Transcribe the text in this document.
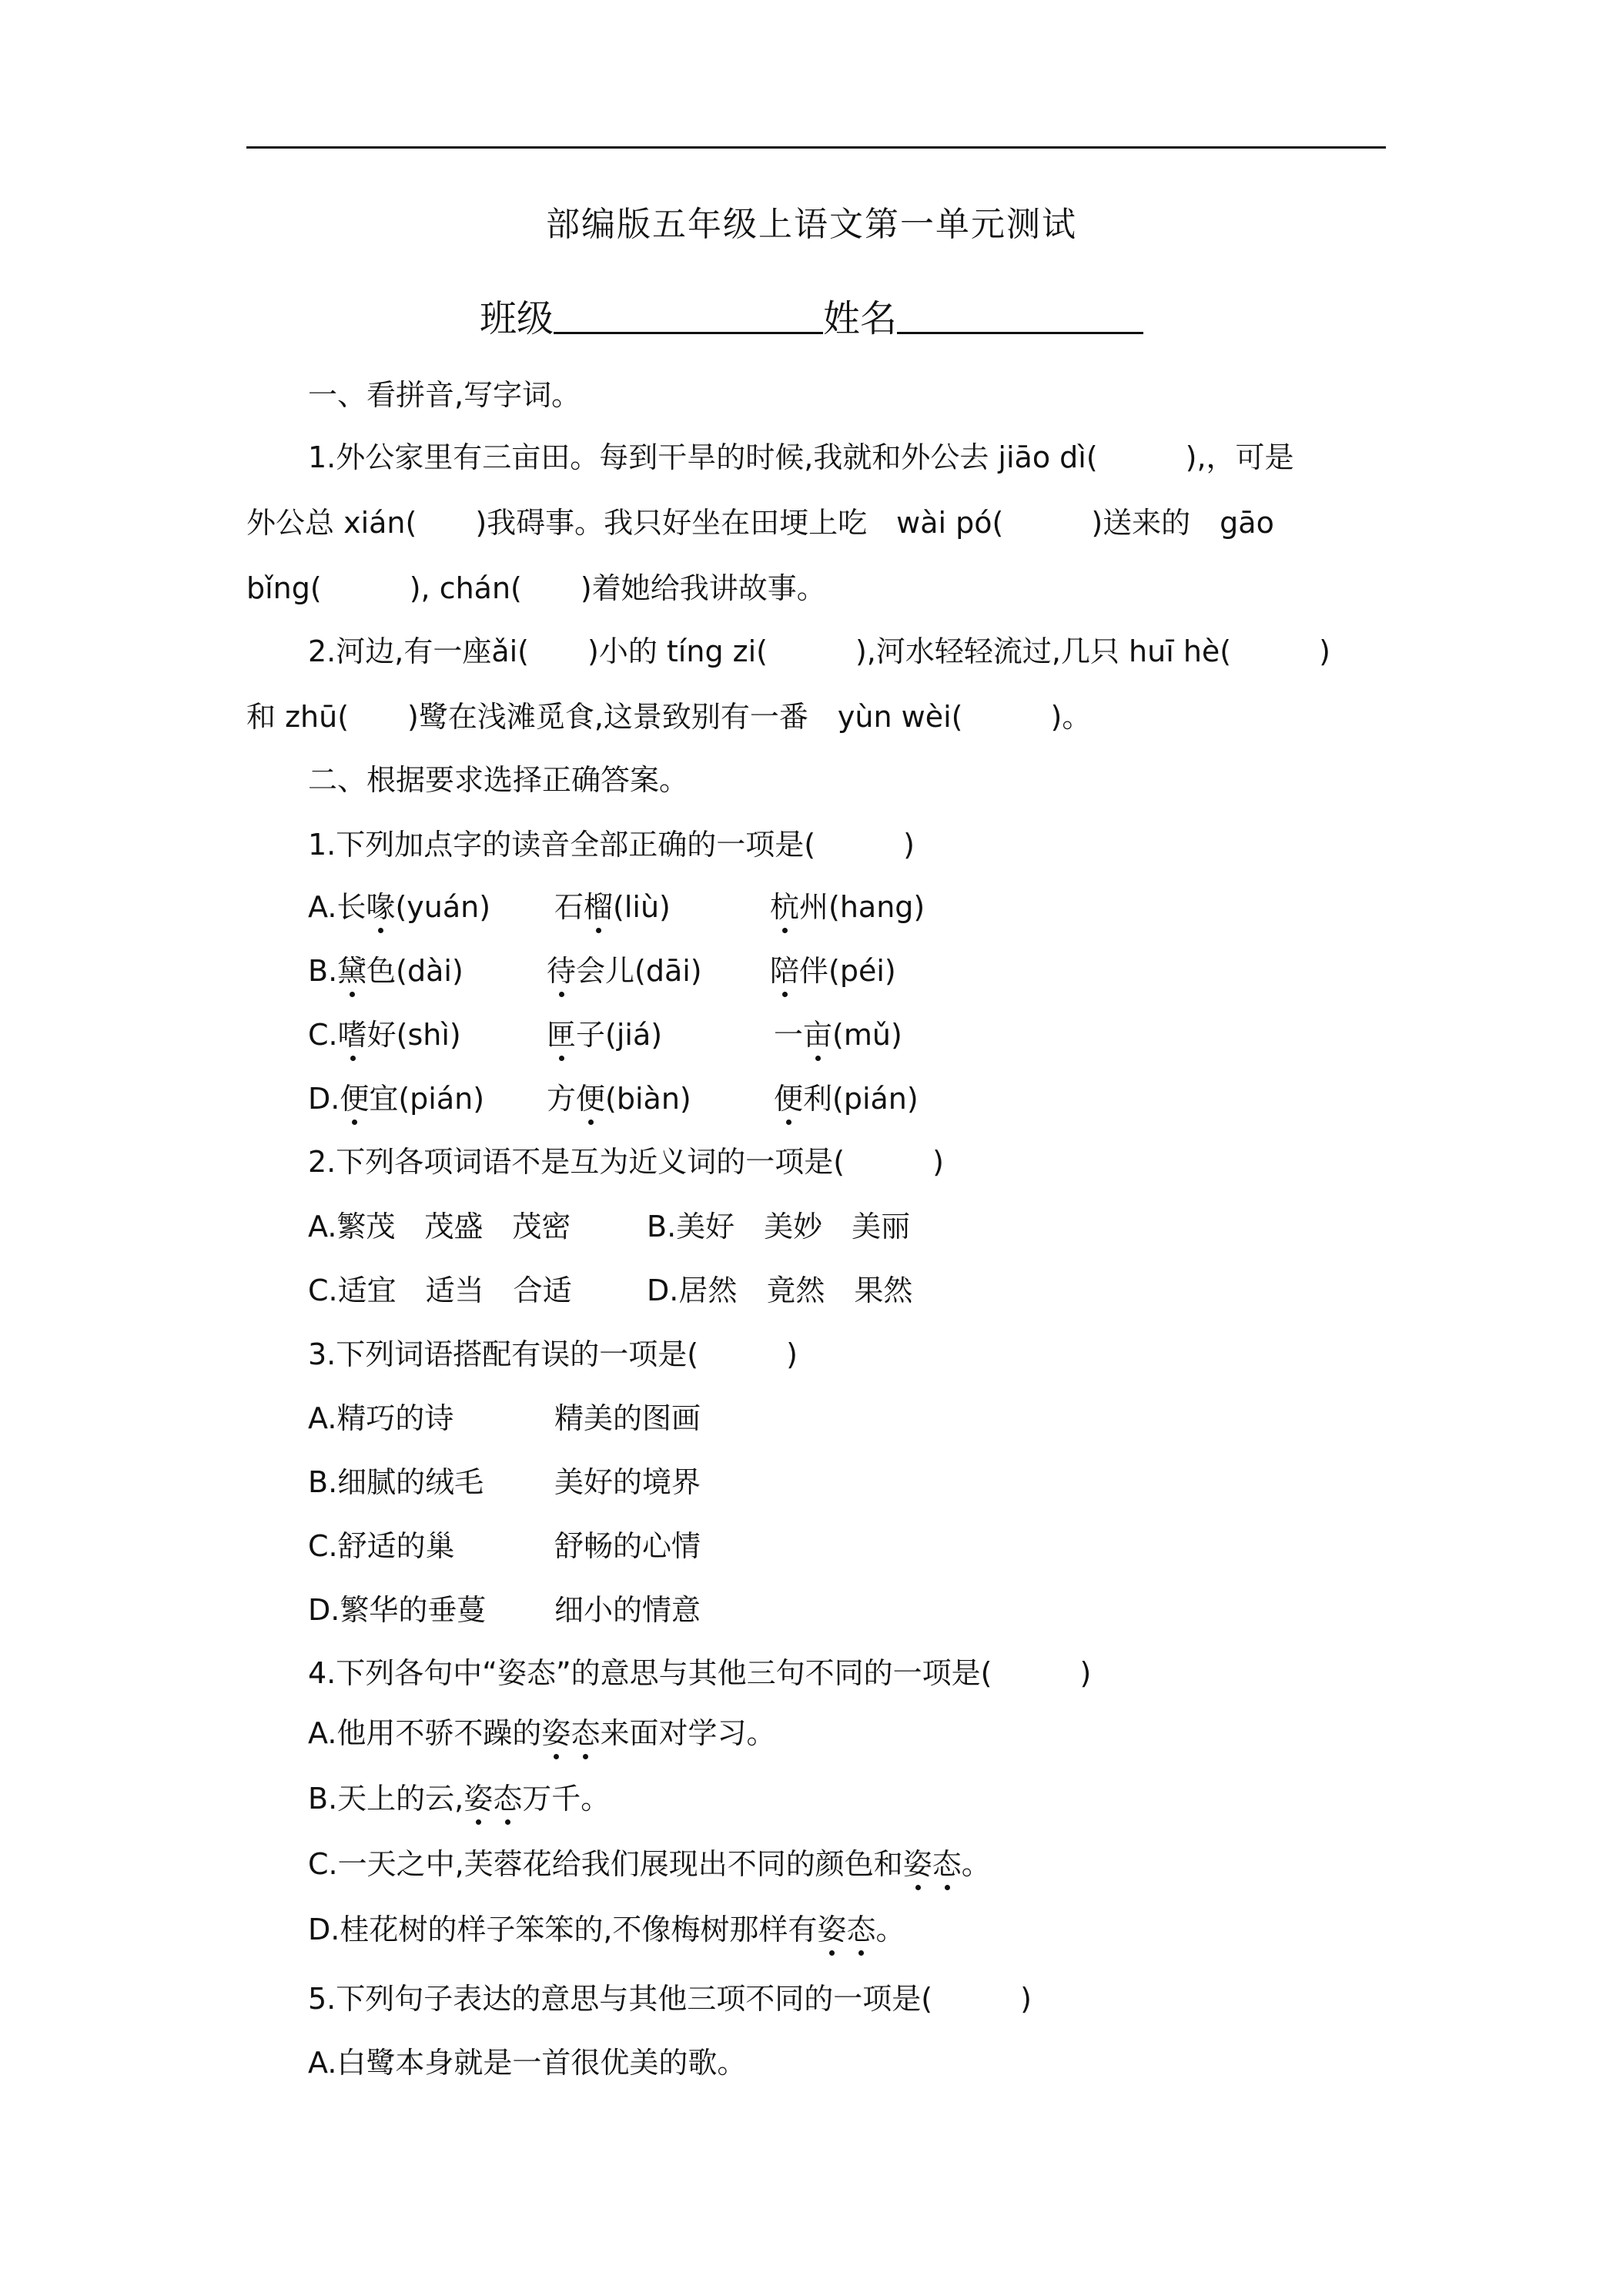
部编版五年级上语文第一单元测试
班级	姓名
一、看拼音,写字词。
1.外公家里有三亩田。每到干旱的时候,我就和外公去 jiāo dì(　　　),，可是
外公总 xián(　　)我碍事。我只好坐在田埂上吃　wài pó(　　　)送来的　gāo
bǐng(　　　), chán(　　)着她给我讲故事。
2.河边,有一座ǎi(　　)小的 tíng zi(　　　),河水轻轻流过,几只 huī hè(　　　)
和 zhū(　　)鹭在浅滩觅食,这景致别有一番　yùn wèi(　　　)。
二、根据要求选择正确答案。
1.下列加点字的读音全部正确的一项是(　　　)
A.长喙(yuán) 石榴(liù)	杭州(hang)
B.黛色(dài)	待会儿(dāi) 陪伴(péi)
C.嗜好(shì)	匣子(jiá)	一亩(mǔ)
D.便宜(pián) 方便(biàn)	便利(pián)
2.下列各项词语不是互为近义词的一项是(　　　)
A.繁茂　茂盛　茂密	B.美好　美妙　美丽
C.适宜　适当　合适	D.居然　竟然　果然
3.下列词语搭配有误的一项是(　　　)
A.精巧的诗	精美的图画
B.细腻的绒毛 美好的境界
C.舒适的巢	舒畅的心情
D.繁华的垂蔓 细小的情意
4.下列各句中“姿态”的意思与其他三句不同的一项是(　　　)
A.他用不骄不躁的姿态来面对学习。
B.天上的云,姿态万千。
C.一天之中,芙蓉花给我们展现出不同的颜色和姿态。
D.桂花树的样子笨笨的,不像梅树那样有姿态。
5.下列句子表达的意思与其他三项不同的一项是(　　　)
A.白鹭本身就是一首很优美的歌。
